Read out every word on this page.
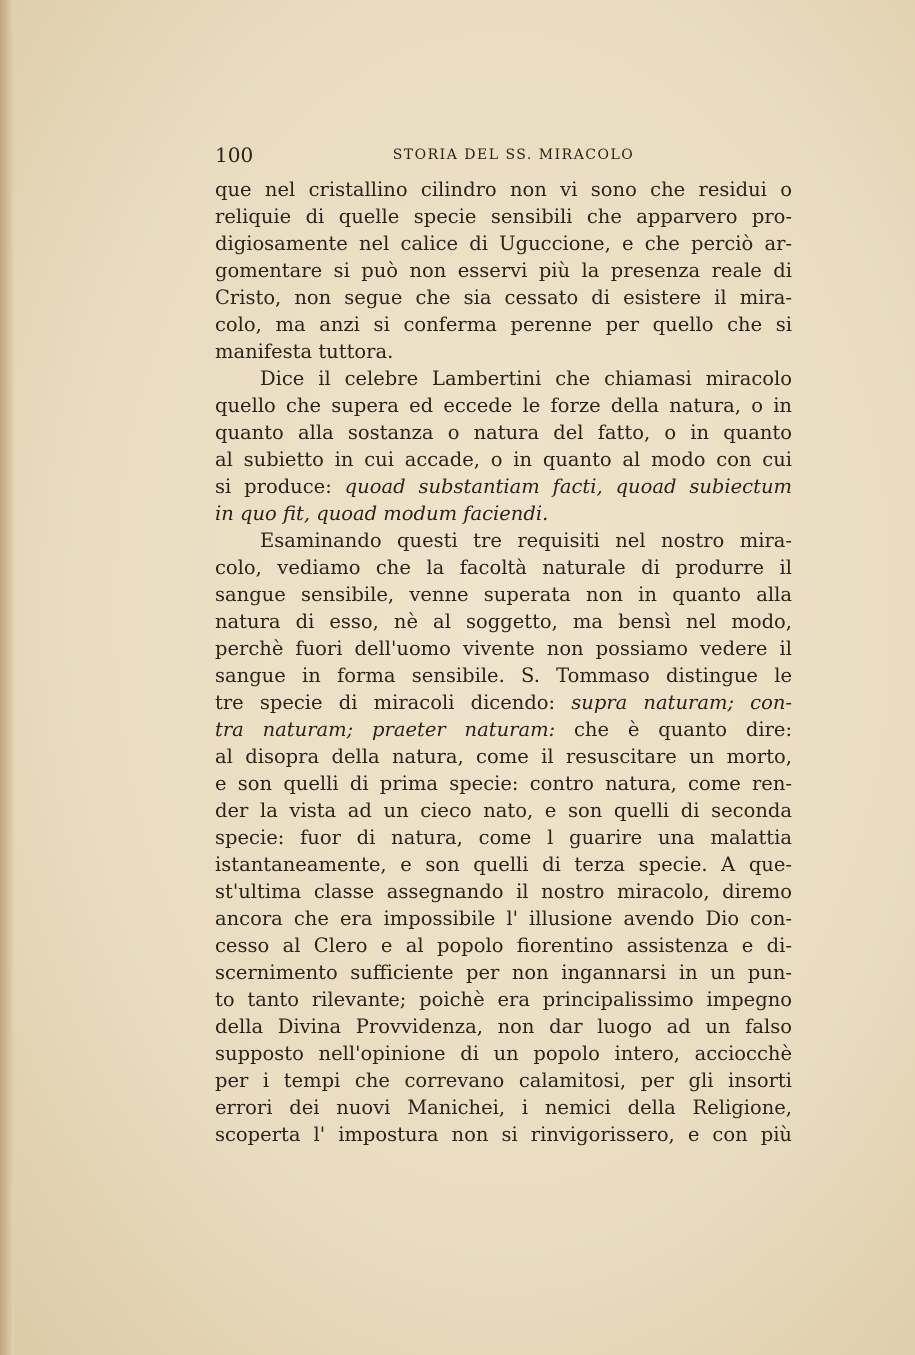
100	STORIA DEL SS. MIRACOLO
que nel cristallino cilindro non vi sono che residui o
reliquie di quelle specie sensibili che apparvero pro-
digiosamente nel calice di Uguccione, e che perciò ar-
gomentare si può non esservi più la presenza reale di
Cristo, non segue che sia cessato di esistere il mira-
colo, ma anzi si conferma perenne per quello che si
manifesta tuttora.
Dice il celebre Lambertini che chiamasi miracolo
quello che supera ed eccede le forze della natura, o in
quanto alla sostanza o natura del fatto, o in quanto
al subietto in cui accade, o in quanto al modo con cui
si produce: quoad substantiam facti, quoad subiectum
in quo fit, quoad modum faciendi.
Esaminando questi tre requisiti nel nostro mira-
colo, vediamo che la facoltà naturale di produrre il
sangue sensibile, venne superata non in quanto alla
natura di esso, nè al soggetto, ma bensì nel modo,
perchè fuori dell'uomo vivente non possiamo vedere il
sangue in forma sensibile. S. Tommaso distingue le
tre specie di miracoli dicendo: supra naturam; con-
tra naturam; praeter naturam: che è quanto dire:
al disopra della natura, come il resuscitare un morto,
e son quelli di prima specie: contro natura, come ren-
der la vista ad un cieco nato, e son quelli di seconda
specie: fuor di natura, come l guarire una malattia
istantaneamente, e son quelli di terza specie. A que-
st'ultima classe assegnando il nostro miracolo, diremo
ancora che era impossibile l' illusione avendo Dio con-
cesso al Clero e al popolo fiorentino assistenza e di-
scernimento sufficiente per non ingannarsi in un pun-
to tanto rilevante; poichè era principalissimo impegno
della Divina Provvidenza, non dar luogo ad un falso
supposto nell'opinione di un popolo intero, acciocchè
per i tempi che correvano calamitosi, per gli insorti
errori dei nuovi Manichei, i nemici della Religione,
scoperta l' impostura non si rinvigorissero, e con più
